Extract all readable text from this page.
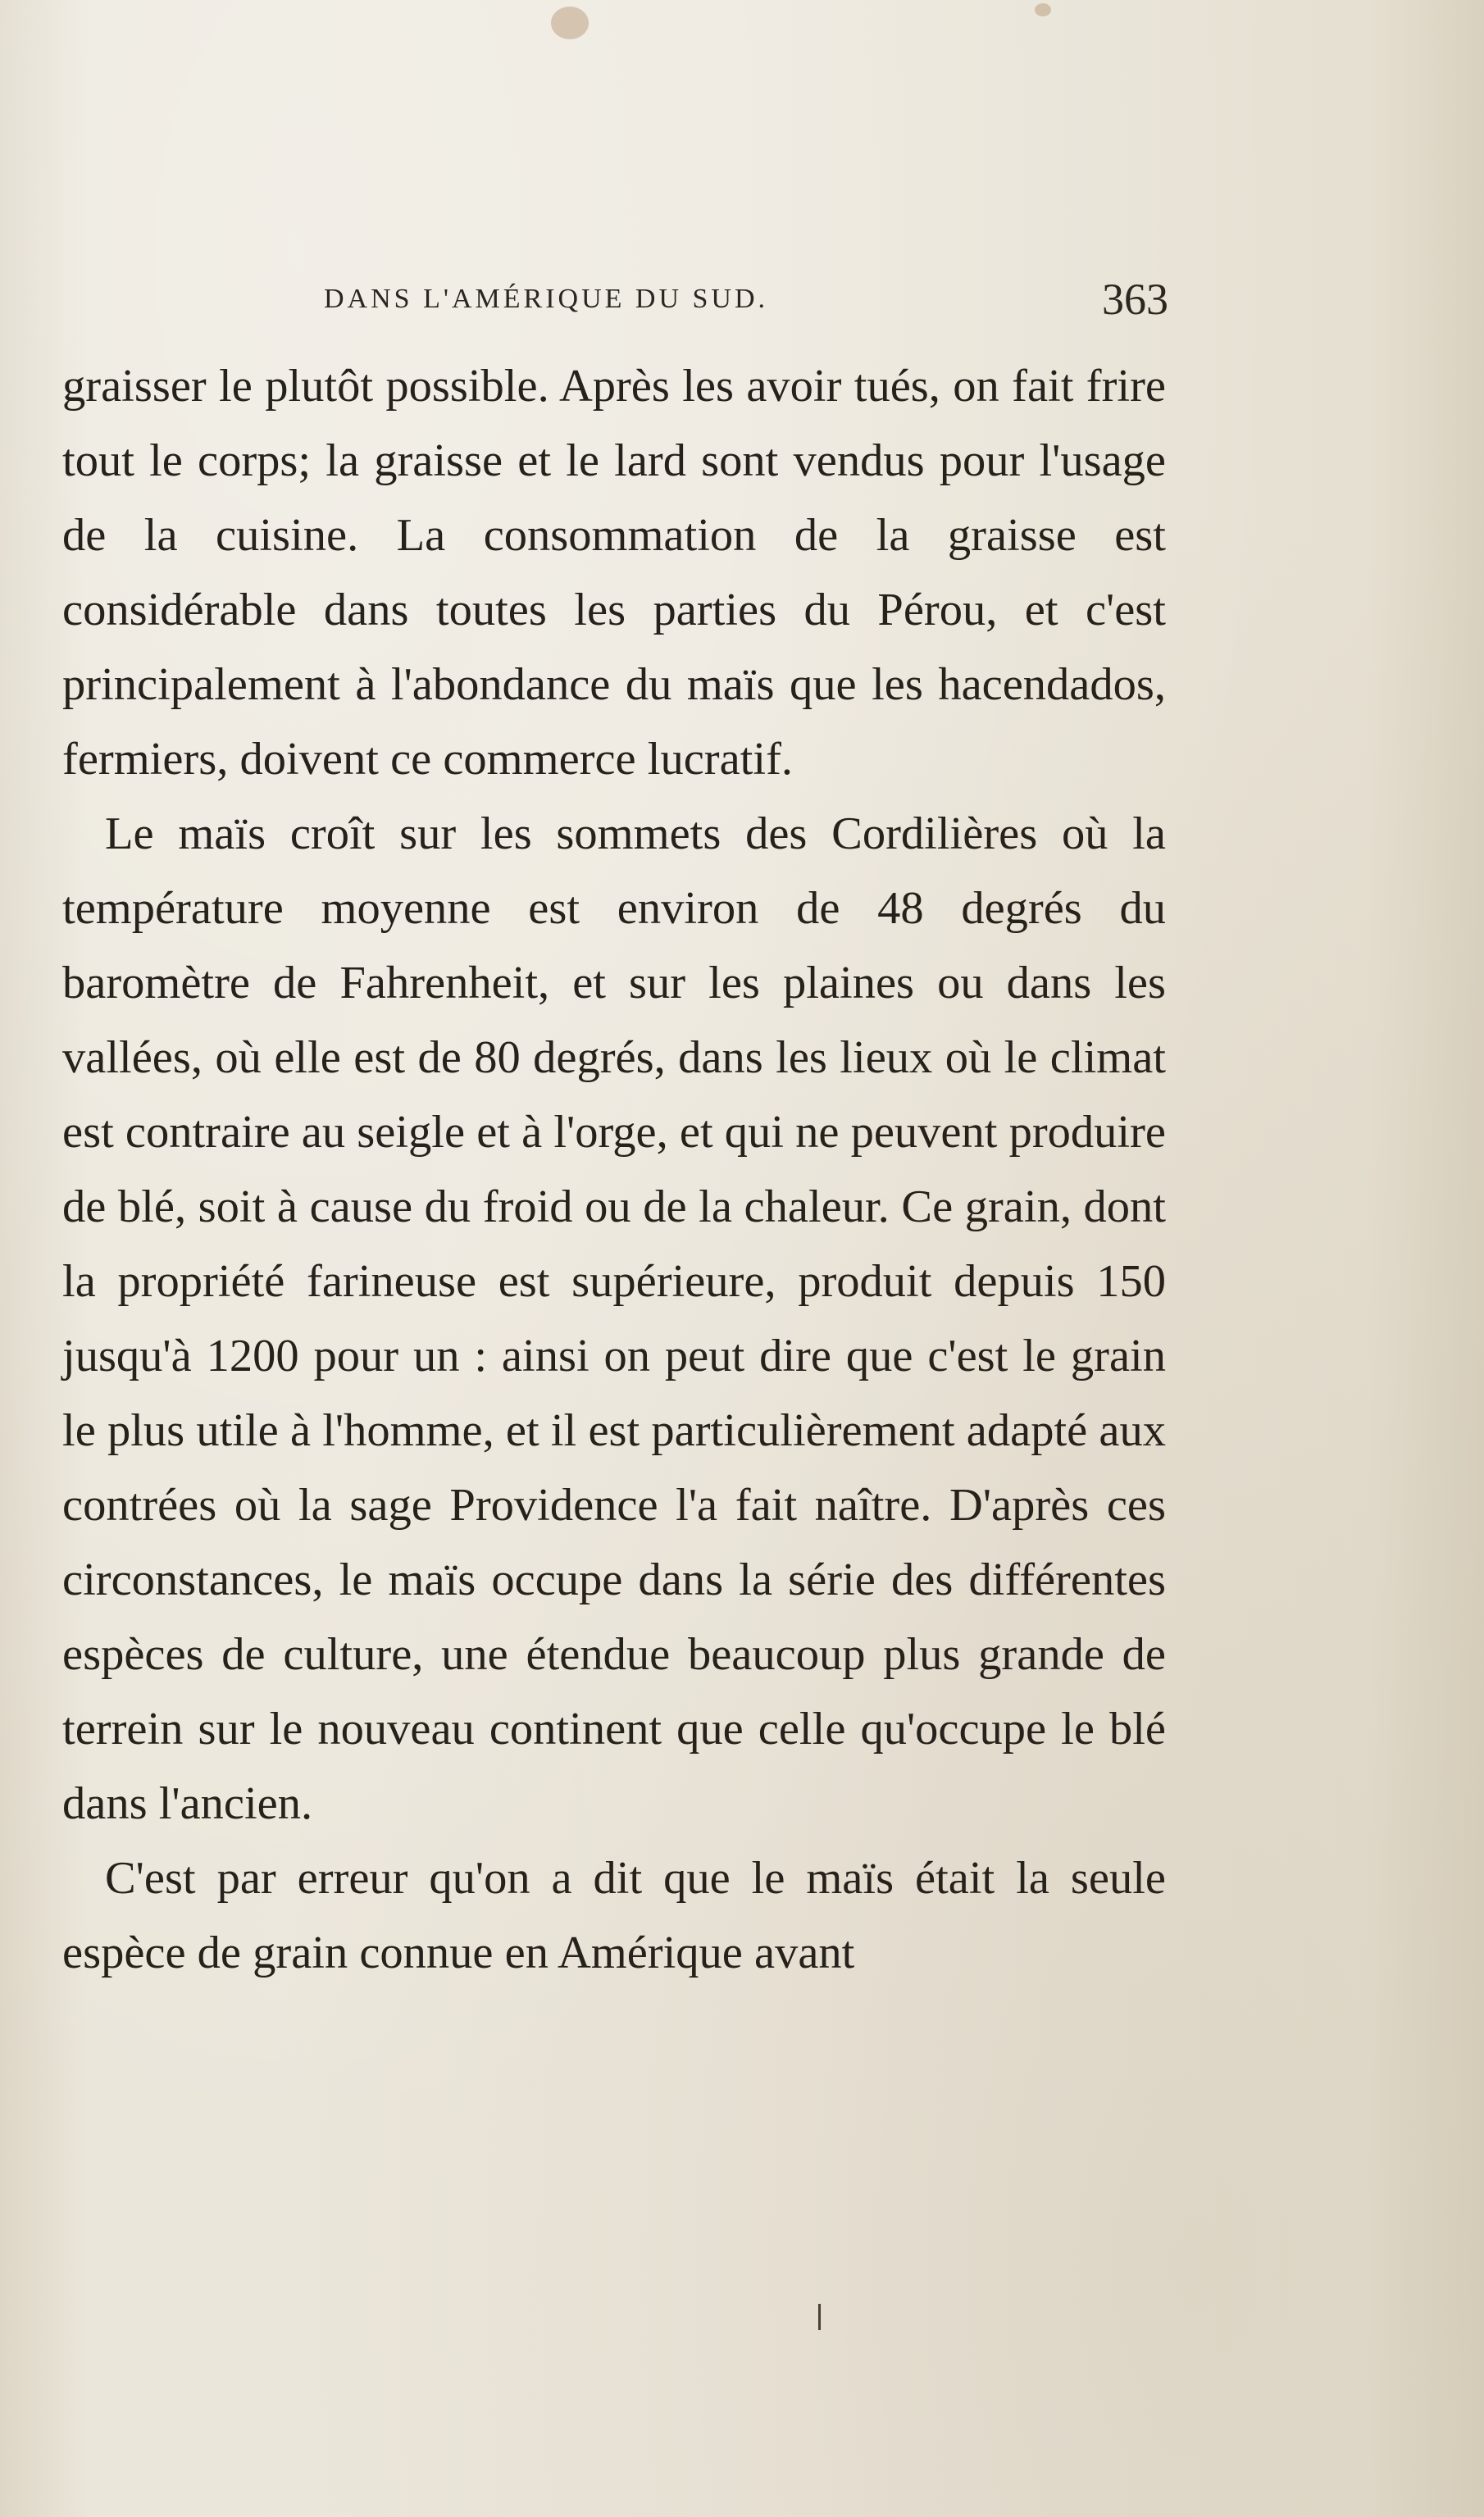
DANS L'AMÉRIQUE DU SUD.	363

graisser le plutôt possible. Après les avoir tués, on fait frire tout le corps; la graisse et le lard sont vendus pour l'usage de la cuisine. La consommation de la graisse est considérable dans toutes les parties du Pérou, et c'est principalement à l'abondance du maïs que les hacendados, fermiers, doivent ce commerce lucratif.

Le maïs croît sur les sommets des Cordilières où la température moyenne est environ de 48 degrés du baromètre de Fahrenheit, et sur les plaines ou dans les vallées, où elle est de 80 degrés, dans les lieux où le climat est contraire au seigle et à l'orge, et qui ne peuvent produire de blé, soit à cause du froid ou de la chaleur. Ce grain, dont la propriété farineuse est supérieure, produit depuis 150 jusqu'à 1200 pour un : ainsi on peut dire que c'est le grain le plus utile à l'homme, et il est particulièrement adapté aux contrées où la sage Providence l'a fait naître. D'après ces circonstances, le maïs occupe dans la série des différentes espèces de culture, une étendue beaucoup plus grande de terrein sur le nouveau continent que celle qu'occupe le blé dans l'ancien.

C'est par erreur qu'on a dit que le maïs était la seule espèce de grain connue en Amérique avant
